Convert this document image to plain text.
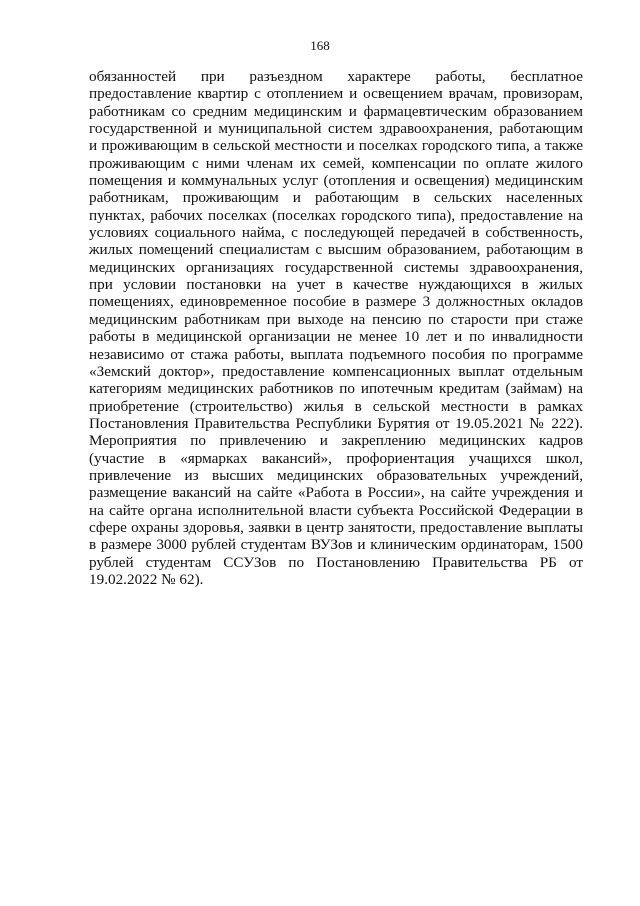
168
обязанностей при разъездном характере работы, бесплатное
предоставление квартир с отоплением и освещением врачам, провизорам,
работникам со средним медицинским и фармацевтическим образованием
государственной и муниципальной систем здравоохранения, работающим
и проживающим в сельской местности и поселках городского типа, а также
проживающим с ними членам их семей, компенсации по оплате жилого
помещения и коммунальных услуг (отопления и освещения) медицинским
работникам, проживающим и работающим в сельских населенных
пунктах, рабочих поселках (поселках городского типа), предоставление на
условиях социального найма, с последующей передачей в собственность,
жилых помещений специалистам с высшим образованием, работающим в
медицинских организациях государственной системы здравоохранения,
при условии постановки на учет в качестве нуждающихся в жилых
помещениях, единовременное пособие в размере 3 должностных окладов
медицинским работникам при выходе на пенсию по старости при стаже
работы в медицинской организации не менее 10 лет и по инвалидности
независимо от стажа работы, выплата подъемного пособия по программе
«Земский доктор», предоставление компенсационных выплат отдельным
категориям медицинских работников по ипотечным кредитам (займам) на
приобретение (строительство) жилья в сельской местности в рамках
Постановления Правительства Республики Бурятия от 19.05.2021 № 222).
Мероприятия по привлечению и закреплению медицинских кадров
(участие в «ярмарках вакансий», профориентация учащихся школ,
привлечение из высших медицинских образовательных учреждений,
размещение вакансий на сайте «Работа в России», на сайте учреждения и
на сайте органа исполнительной власти субъекта Российской Федерации в
сфере охраны здоровья, заявки в центр занятости, предоставление выплаты
в размере 3000 рублей студентам ВУЗов и клиническим ординаторам, 1500
рублей студентам ССУЗов по Постановлению Правительства РБ от
19.02.2022 № 62).
